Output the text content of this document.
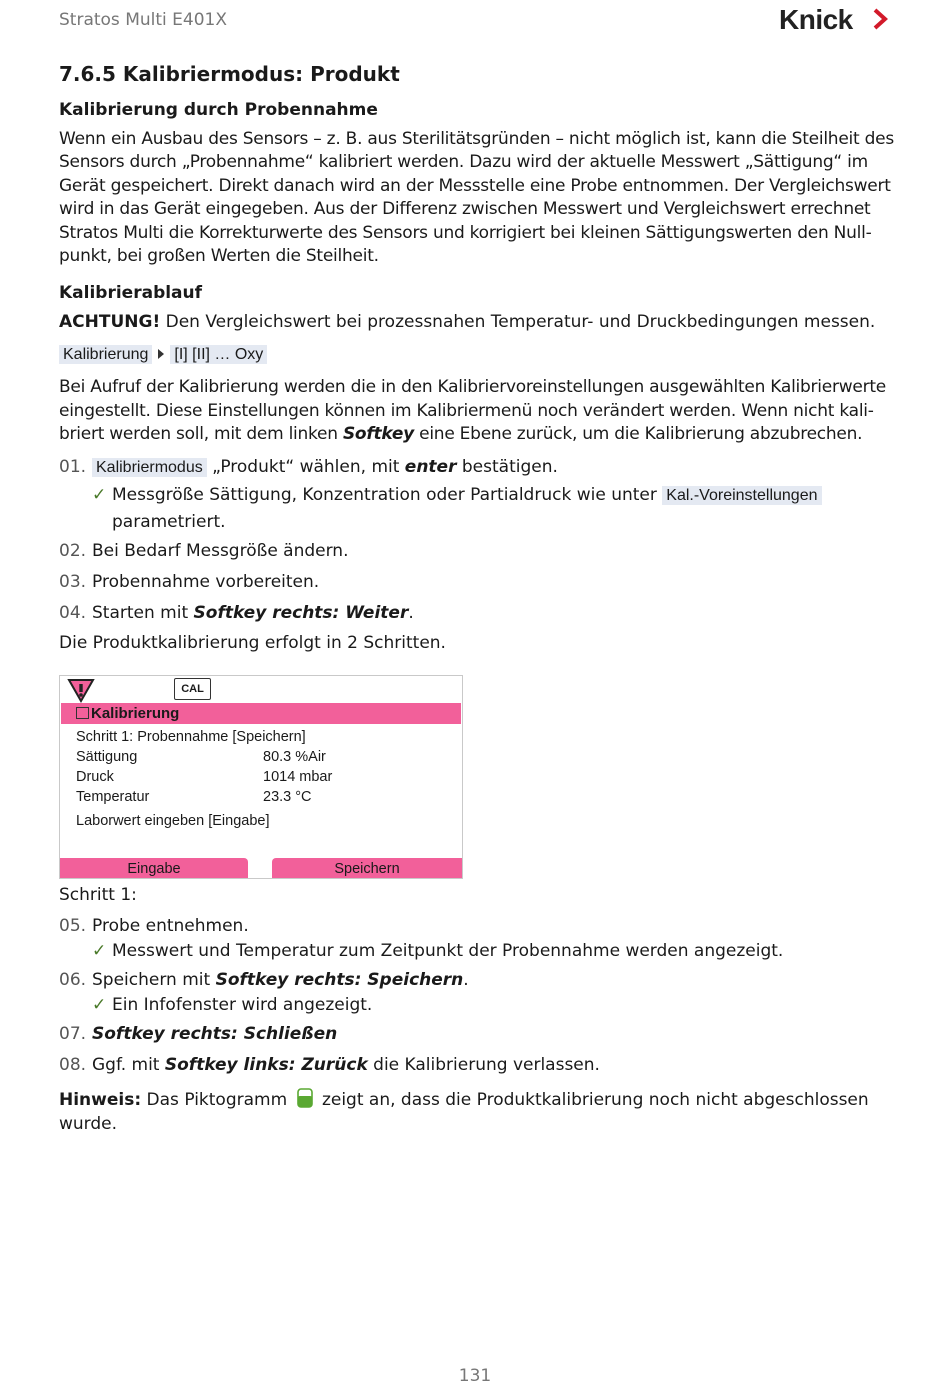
Stratos Multi E401X	Knick
7.6.5 Kalibriermodus: Produkt
Kalibrierung durch Probennahme

Wenn ein Ausbau des Sensors – z. B. aus Sterilitätsgründen – nicht möglich ist, kann die Steilheit des Sensors durch „Probennahme“ kalibriert werden. Dazu wird der aktuelle Messwert „Sättigung“ im Gerät gespeichert. Direkt danach wird an der Messstelle eine Probe entnommen. Der Vergleichswert wird in das Gerät eingegeben. Aus der Differenz zwischen Messwert und Vergleichswert errechnet Stratos Multi die Korrekturwerte des Sensors und korrigiert bei kleinen Sättigungswerten den Null-punkt, bei großen Werten die Steilheit.

Kalibrierablauf

ACHTUNG! Den Vergleichswert bei prozessnahen Temperatur- und Druckbedingungen messen.

Kalibrierung [I] [II] … Oxy

Bei Aufruf der Kalibrierung werden die in den Kalibriervoreinstellungen ausgewählten Kalibrierwerte eingestellt. Diese Einstellungen können im Kalibriermenü noch verändert werden. Wenn nicht kali-briert werden soll, mit dem linken Softkey eine Ebene zurück, um die Kalibrierung abzubrechen.

01. Kalibriermodus „Produkt“ wählen, mit enter bestätigen.
✓ Messgröße Sättigung, Konzentration oder Partialdruck wie unter Kal.-Voreinstellungen
parametriert.
02. Bei Bedarf Messgröße ändern.
03. Probennahme vorbereiten.
04. Starten mit Softkey rechts: Weiter.

Die Produktkalibrierung erfolgt in 2 Schritten.

CAL
Kalibrierung
Schritt 1: Probennahme [Speichern]
Sättigung	80.3 %Air
Druck	1014 mbar
Temperatur	23.3 °C
Laborwert eingeben [Eingabe]
Eingabe	Speichern

Schritt 1:

05. Probe entnehmen.
✓ Messwert und Temperatur zum Zeitpunkt der Probennahme werden angezeigt.
06. Speichern mit Softkey rechts: Speichern.
✓ Ein Infofenster wird angezeigt.
07. Softkey rechts: Schließen
08. Ggf. mit Softkey links: Zurück die Kalibrierung verlassen.

Hinweis: Das Piktogramm  zeigt an, dass die Produktkalibrierung noch nicht abgeschlossen wurde.

131
